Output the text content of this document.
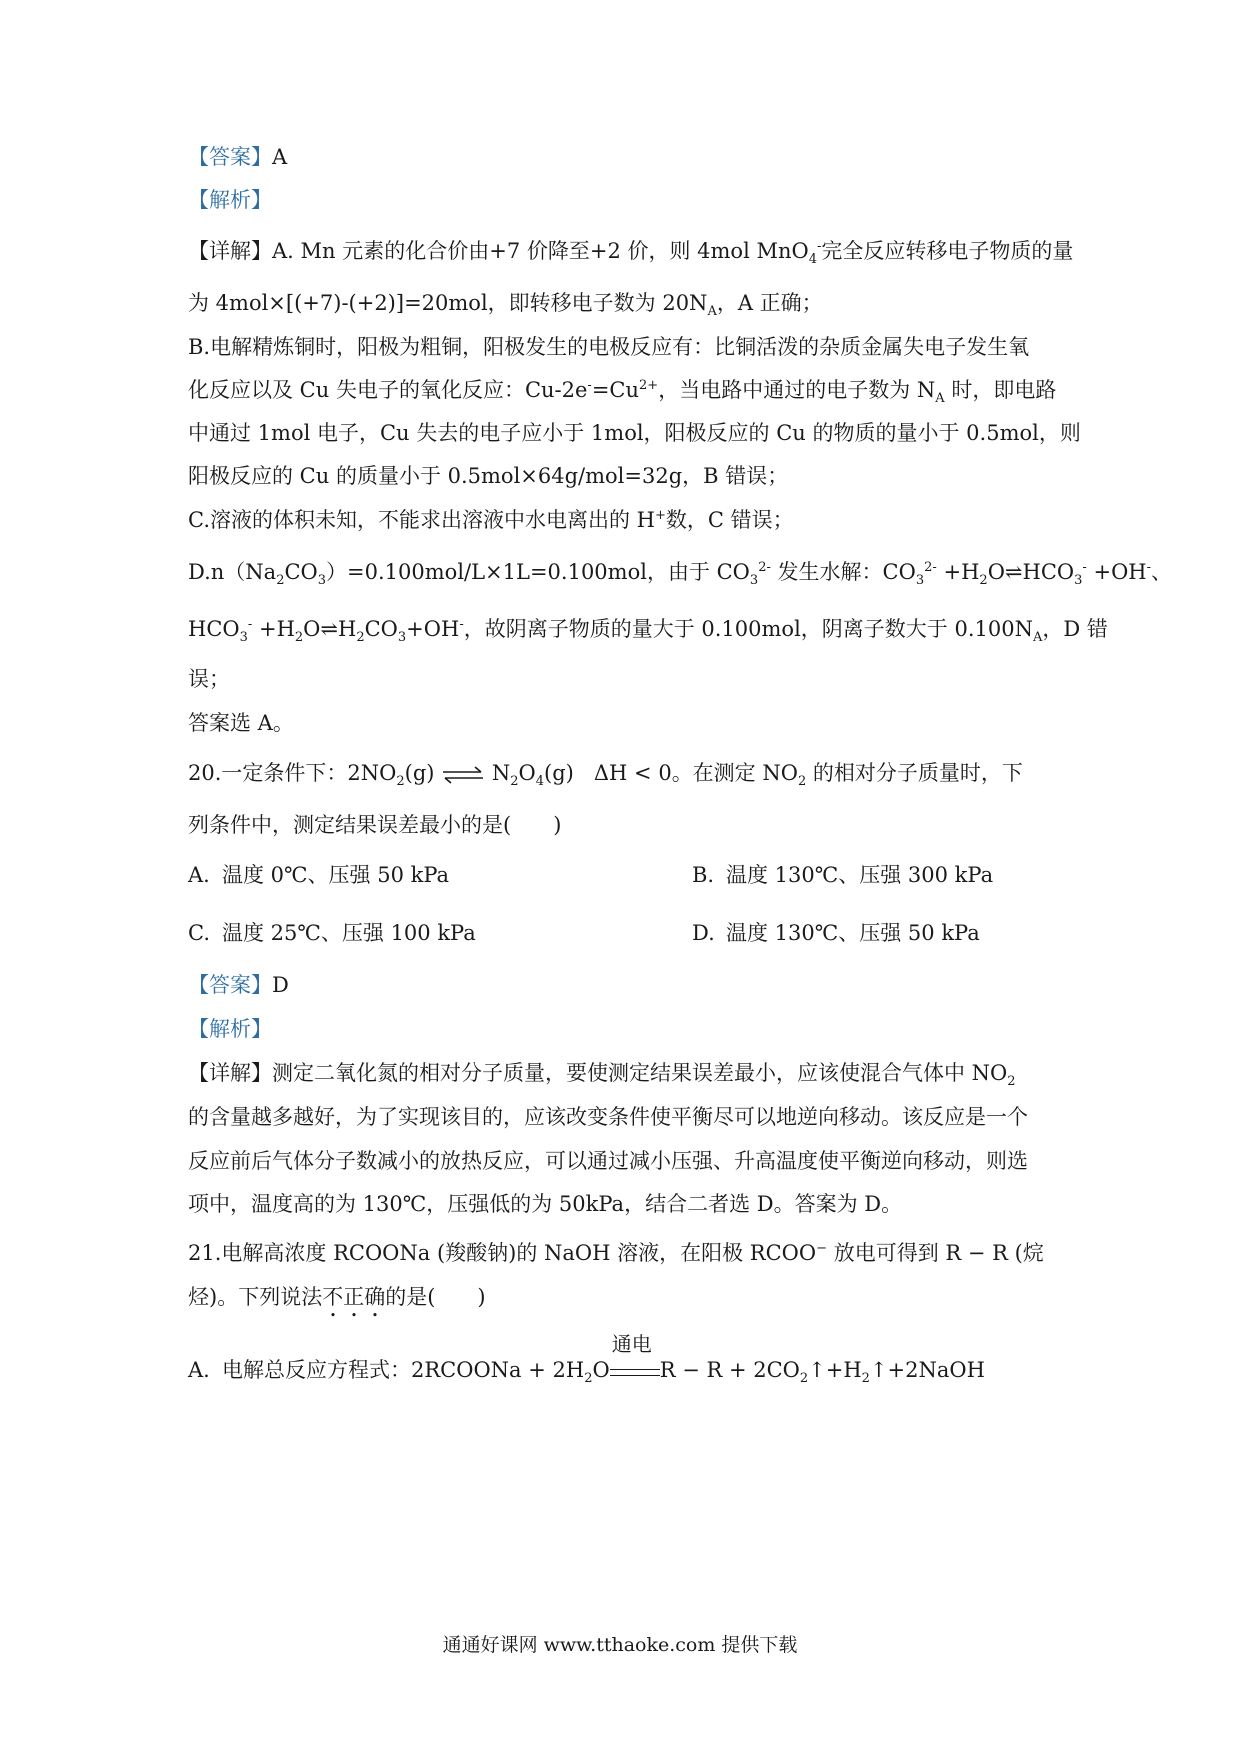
【答案】A
【解析】
【详解】A. Mn 元素的化合价由+7 价降至+2 价，则 4mol MnO$_4$-完全反应转移电子物质的量
为 4mol×[(+7)-(+2)]=20mol，即转移电子数为 $20N_A$，A 正确；
B.电解精炼铜时，阳极为粗铜，阳极发生的电极反应有：比铜活泼的杂质金属失电子发生氧
化反应以及 Cu 失电子的氧化反应：$Cu-2e^-=Cu^{2+}$，当电路中通过的电子数为 $N_A$ 时，即电路
中通过 1mol 电子，Cu 失去的电子应小于 1mol，阳极反应的 Cu 的物质的量小于 0.5mol，则
阳极反应的 Cu 的质量小于 0.5mol×64g/mol=32g，B 错误；
C.溶液的体积未知，不能求出溶液中水电离出的 H+数，C 错误；
$D.n(Na_2CO_3)=0.100mol/L\times 1L=0.100mol$，由于 $CO_3^{2-}$ 发生水解：$CO_3^{2-}$ $+H_2O\rightleftharpoons HCO_3^- +OH^-$、
$HCO_3^-$ $+H_2O\rightleftharpoons H_2CO_3+OH^-$，故阴离子物质的量大于 0.100mol，阴离子数大于 $0.100N_A$，D 错
误；
答案选 A。
20.一定条件下：$2NO_2(g)$ ⇌ $N_2O_4(g) \Delta H < 0$。在测定 $NO_2$ 的相对分子质量时，下
列条件中，测定结果误差最小的是(　　)
A. 温度 0℃、压强 50 kPa	B. 温度 130℃、压强 300 kPa
C. 温度 25℃、压强 100 kPa	D. 温度 130℃、压强 50 kPa
【答案】D
【解析】
【详解】测定二氧化氮的相对分子质量，要使测定结果误差最小，应该使混合气体中 $NO_2$
的含量越多越好，为了实现该目的，应该改变条件使平衡尽可以地逆向移动。该反应是一个
反应前后气体分子数减小的放热反应，可以通过减小压强、升高温度使平衡逆向移动，则选
项中，温度高的为 130℃，压强低的为 50kPa，结合二者选 D。答案为 D。
21.电解高浓度 RCOONa (羧酸钠)的 NaOH 溶液，在阳极 RCOO− 放电可得到 R − R (烷
烃)。下列说法不正确的是(　　)
A. 电解总反应方程式：2RCOONa + $2H_2O$
通电
$R - R + 2CO_2↑+H_2↑+2NaOH$
通通好课网 www.tthaoke.com 提供下载
